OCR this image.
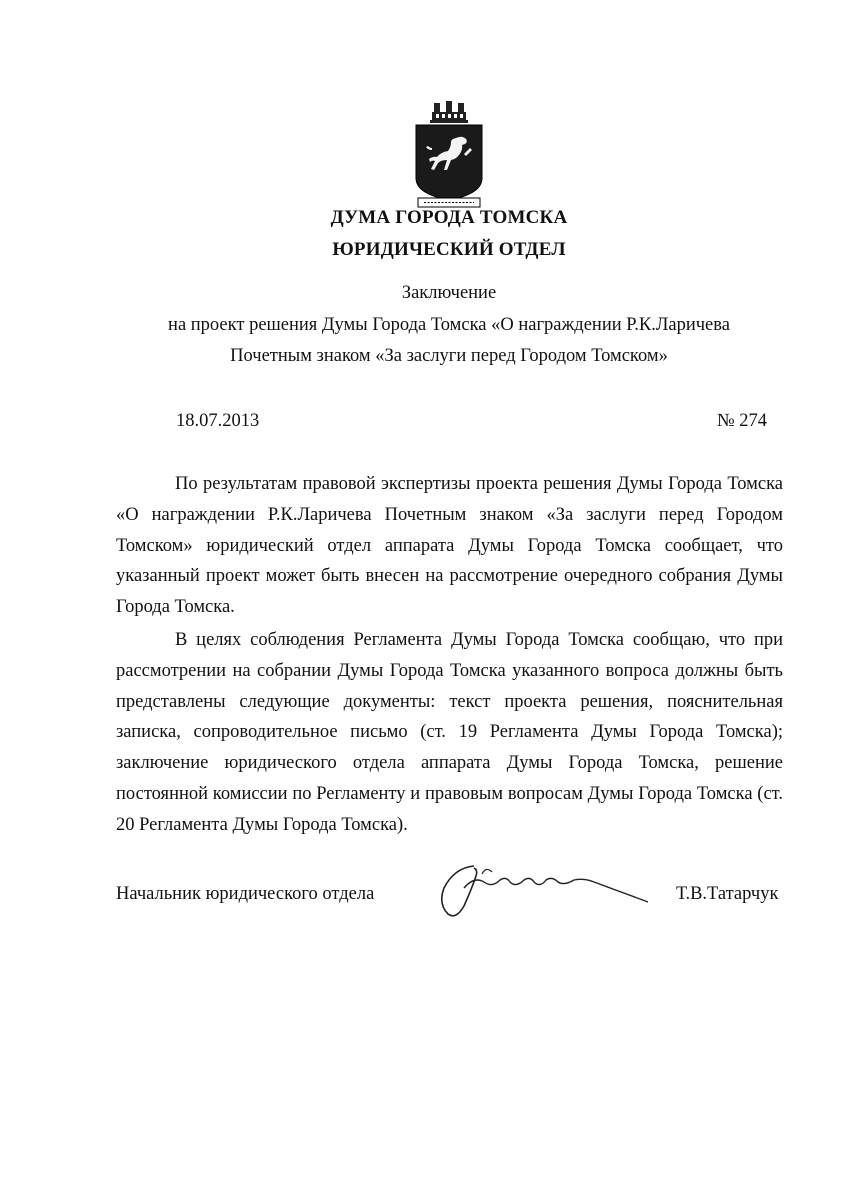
ДУМА ГОРОДА ТОМСКА
ЮРИДИЧЕСКИЙ ОТДЕЛ
Заключение
на проект решения Думы Города Томска «О награждении Р.К.Ларичева
Почетным знаком «За заслуги перед Городом Томском»
18.07.2013	№ 274

По результатам правовой экспертизы проекта решения Думы Города Томска «О награждении Р.К.Ларичева Почетным знаком «За заслуги перед Городом Томском» юридический отдел аппарата Думы Города Томска сообщает, что указанный проект может быть внесен на рассмотрение очередного собрания Думы Города Томска.

В целях соблюдения Регламента Думы Города Томска сообщаю, что при рассмотрении на собрании Думы Города Томска указанного вопроса должны быть представлены следующие документы: текст проекта решения, пояснительная записка, сопроводительное письмо (ст. 19 Регламента Думы Города Томска); заключение юридического отдела аппарата Думы Города Томска, решение постоянной комиссии по Регламенту и правовым вопросам Думы Города Томска (ст. 20 Регламента Думы Города Томска).

Начальник юридического отдела	Т.В.Татарчук
